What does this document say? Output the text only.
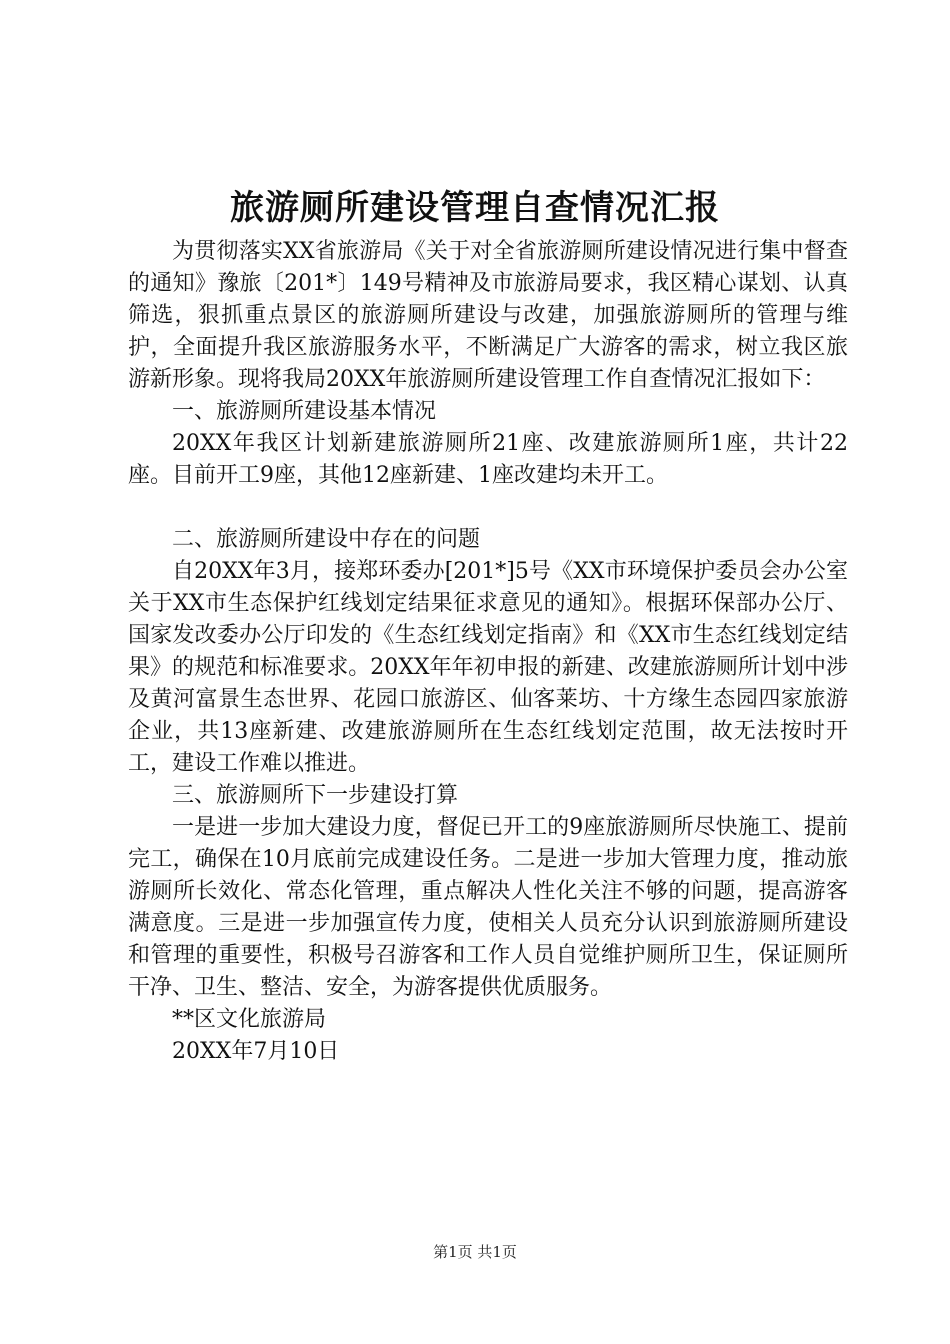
旅游厕所建设管理自查情况汇报

为贯彻落实XX省旅游局《关于对全省旅游厕所建设情况进行集中督查的通知》豫旅〔201*〕149号精神及市旅游局要求，我区精心谋划、认真筛选，狠抓重点景区的旅游厕所建设与改建，加强旅游厕所的管理与维护，全面提升我区旅游服务水平，不断满足广大游客的需求，树立我区旅游新形象。现将我局20XX年旅游厕所建设管理工作自查情况汇报如下：

一、旅游厕所建设基本情况

20XX年我区计划新建旅游厕所21座、改建旅游厕所1座，共计22座。目前开工9座，其他12座新建、1座改建均未开工。

二、旅游厕所建设中存在的问题

自20XX年3月，接郑环委办[201*]5号《XX市环境保护委员会办公室关于XX市生态保护红线划定结果征求意见的通知》。根据环保部办公厅、国家发改委办公厅印发的《生态红线划定指南》和《XX市生态红线划定结果》的规范和标准要求。20XX年年初申报的新建、改建旅游厕所计划中涉及黄河富景生态世界、花园口旅游区、仙客莱坊、十方缘生态园四家旅游企业，共13座新建、改建旅游厕所在生态红线划定范围，故无法按时开工，建设工作难以推进。

三、旅游厕所下一步建设打算

一是进一步加大建设力度，督促已开工的9座旅游厕所尽快施工、提前完工，确保在10月底前完成建设任务。二是进一步加大管理力度，推动旅游厕所长效化、常态化管理，重点解决人性化关注不够的问题，提高游客满意度。三是进一步加强宣传力度，使相关人员充分认识到旅游厕所建设和管理的重要性，积极号召游客和工作人员自觉维护厕所卫生，保证厕所干净、卫生、整洁、安全，为游客提供优质服务。

**区文化旅游局

20XX年7月10日

第1页 共1页
